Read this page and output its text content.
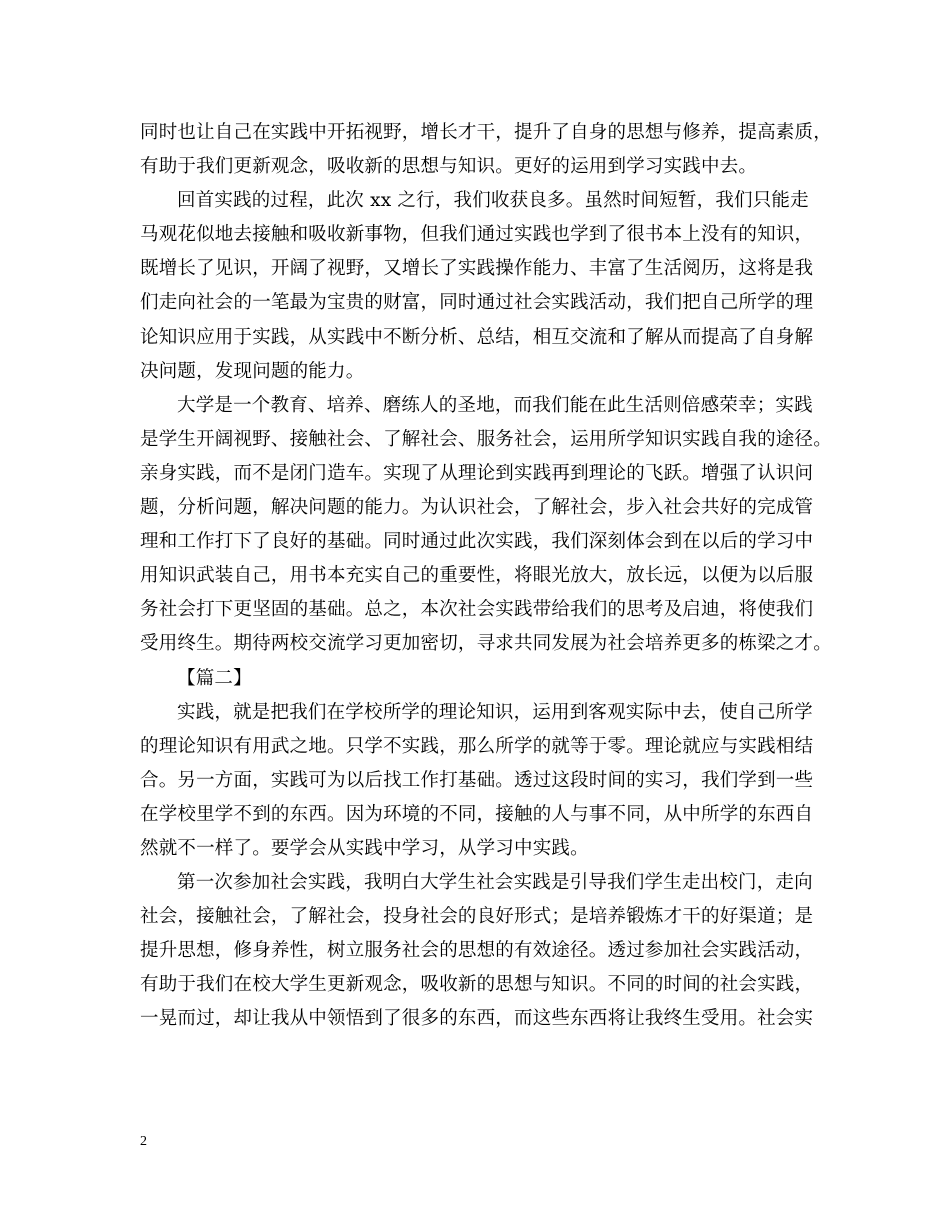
同时也让自己在实践中开拓视野，增长才干，提升了自身的思想与修养，提高素质，
有助于我们更新观念，吸收新的思想与知识。更好的运用到学习实践中去。
回首实践的过程，此次 xx 之行，我们收获良多。虽然时间短暂，我们只能走
马观花似地去接触和吸收新事物，但我们通过实践也学到了很书本上没有的知识，
既增长了见识，开阔了视野，又增长了实践操作能力、丰富了生活阅历，这将是我
们走向社会的一笔最为宝贵的财富，同时通过社会实践活动，我们把自己所学的理
论知识应用于实践，从实践中不断分析、总结，相互交流和了解从而提高了自身解
决问题，发现问题的能力。
大学是一个教育、培养、磨练人的圣地，而我们能在此生活则倍感荣幸；实践
是学生开阔视野、接触社会、了解社会、服务社会，运用所学知识实践自我的途径。
亲身实践，而不是闭门造车。实现了从理论到实践再到理论的飞跃。增强了认识问
题，分析问题，解决问题的能力。为认识社会，了解社会，步入社会共好的完成管
理和工作打下了良好的基础。同时通过此次实践，我们深刻体会到在以后的学习中
用知识武装自己，用书本充实自己的重要性，将眼光放大，放长远，以便为以后服
务社会打下更坚固的基础。总之，本次社会实践带给我们的思考及启迪，将使我们
受用终生。期待两校交流学习更加密切，寻求共同发展为社会培养更多的栋梁之才。
【篇二】
实践，就是把我们在学校所学的理论知识，运用到客观实际中去，使自己所学
的理论知识有用武之地。只学不实践，那么所学的就等于零。理论就应与实践相结
合。另一方面，实践可为以后找工作打基础。透过这段时间的实习，我们学到一些
在学校里学不到的东西。因为环境的不同，接触的人与事不同，从中所学的东西自
然就不一样了。要学会从实践中学习，从学习中实践。
第一次参加社会实践，我明白大学生社会实践是引导我们学生走出校门，走向
社会，接触社会，了解社会，投身社会的良好形式；是培养锻炼才干的好渠道；是
提升思想，修身养性，树立服务社会的思想的有效途径。透过参加社会实践活动，
有助于我们在校大学生更新观念，吸收新的思想与知识。不同的时间的社会实践，
一晃而过，却让我从中领悟到了很多的东西，而这些东西将让我终生受用。社会实
2
